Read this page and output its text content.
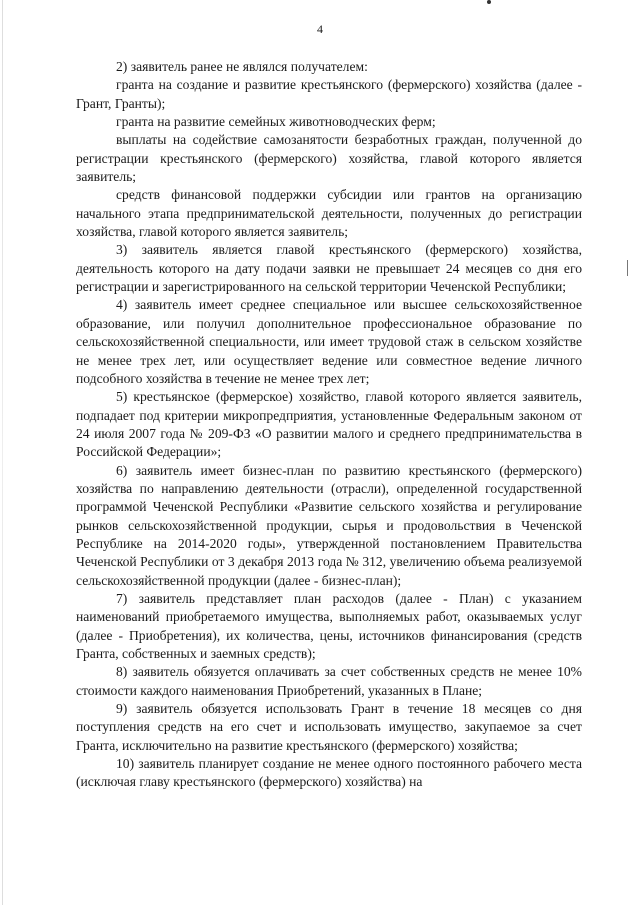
4

2) заявитель ранее не являлся получателем:

гранта на создание и развитие крестьянского (фермерского) хозяйства (далее - Грант, Гранты);

гранта на развитие семейных животноводческих ферм;

выплаты на содействие самозанятости безработных граждан, полученной до регистрации крестьянского (фермерского) хозяйства, главой которого является заявитель;

средств финансовой поддержки субсидии или грантов на организацию начального этапа предпринимательской деятельности, полученных до регистрации хозяйства, главой которого является заявитель;

3) заявитель является главой крестьянского (фермерского) хозяйства, деятельность которого на дату подачи заявки не превышает 24 месяцев со дня его регистрации и зарегистрированного на сельской территории Чеченской Республики;

4) заявитель имеет среднее специальное или высшее сельскохозяйственное образование, или получил дополнительное профессиональное образование по сельскохозяйственной специальности, или имеет трудовой стаж в сельском хозяйстве не менее трех лет, или осуществляет ведение или совместное ведение личного подсобного хозяйства в течение не менее трех лет;

5) крестьянское (фермерское) хозяйство, главой которого является заявитель, подпадает под критерии микропредприятия, установленные Федеральным законом от 24 июля 2007 года № 209-ФЗ «О развитии малого и среднего предпринимательства в Российской Федерации»;

6) заявитель имеет бизнес-план по развитию крестьянского (фермерского) хозяйства по направлению деятельности (отрасли), определенной государственной программой Чеченской Республики «Развитие сельского хозяйства и регулирование рынков сельскохозяйственной продукции, сырья и продовольствия в Чеченской Республике на 2014-2020 годы», утвержденной постановлением Правительства Чеченской Республики от 3 декабря 2013 года № 312, увеличению объема реализуемой сельскохозяйственной продукции (далее - бизнес-план);

7) заявитель представляет план расходов (далее - План) с указанием наименований приобретаемого имущества, выполняемых работ, оказываемых услуг (далее - Приобретения), их количества, цены, источников финансирования (средств Гранта, собственных и заемных средств);

8) заявитель обязуется оплачивать за счет собственных средств не менее 10% стоимости каждого наименования Приобретений, указанных в Плане;

9) заявитель обязуется использовать Грант в течение 18 месяцев со дня поступления средств на его счет и использовать имущество, закупаемое за счет Гранта, исключительно на развитие крестьянского (фермерского) хозяйства;

10) заявитель планирует создание не менее одного постоянного рабочего места (исключая главу крестьянского (фермерского) хозяйства) на
